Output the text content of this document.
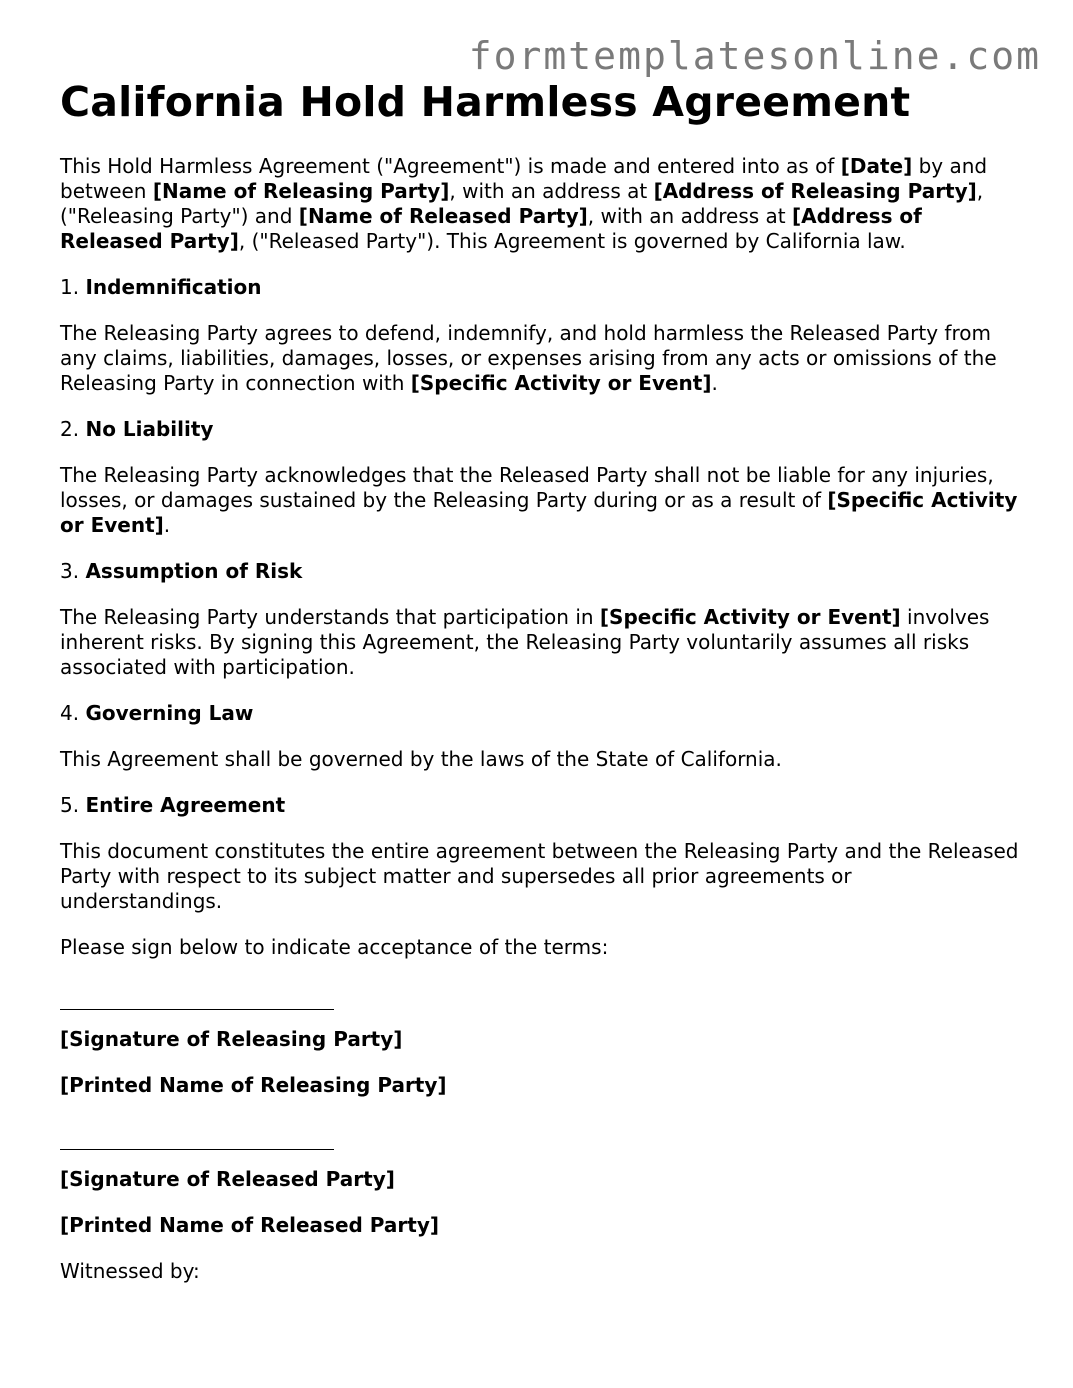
formtemplatesonline.com
California Hold Harmless Agreement

This Hold Harmless Agreement ("Agreement") is made and entered into as of [Date] by and between [Name of Releasing Party], with an address at [Address of Releasing Party], ("Releasing Party") and [Name of Released Party], with an address at [Address of Released Party], ("Released Party"). This Agreement is governed by California law.

1. Indemnification

The Releasing Party agrees to defend, indemnify, and hold harmless the Released Party from any claims, liabilities, damages, losses, or expenses arising from any acts or omissions of the Releasing Party in connection with [Specific Activity or Event].

2. No Liability

The Releasing Party acknowledges that the Released Party shall not be liable for any injuries, losses, or damages sustained by the Releasing Party during or as a result of [Specific Activity or Event].

3. Assumption of Risk

The Releasing Party understands that participation in [Specific Activity or Event] involves inherent risks. By signing this Agreement, the Releasing Party voluntarily assumes all risks associated with participation.

4. Governing Law

This Agreement shall be governed by the laws of the State of California.

5. Entire Agreement

This document constitutes the entire agreement between the Releasing Party and the Released Party with respect to its subject matter and supersedes all prior agreements or understandings.

Please sign below to indicate acceptance of the terms:

[Signature of Releasing Party]

[Printed Name of Releasing Party]

[Signature of Released Party]

[Printed Name of Released Party]

Witnessed by:
